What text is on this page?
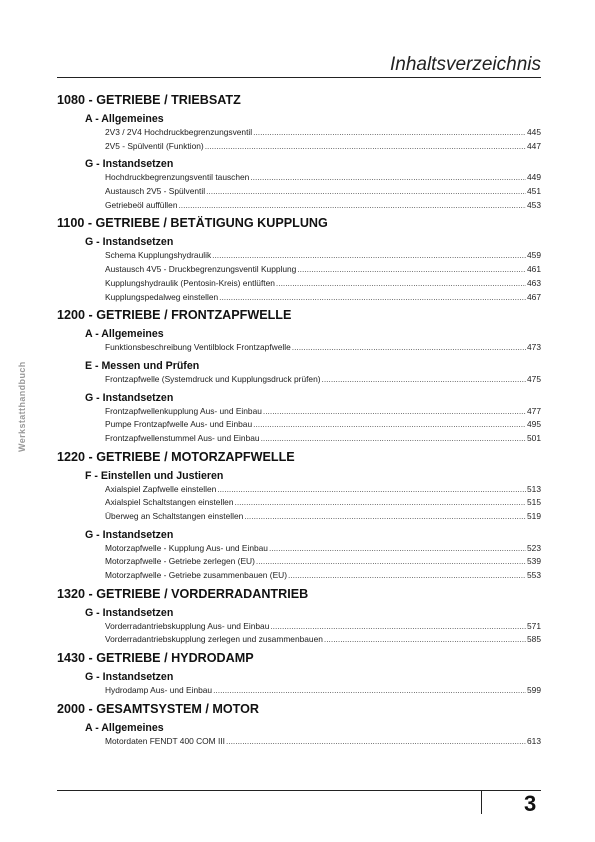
Inhaltsverzeichnis
Werkstatthandbuch
1080 - GETRIEBE / TRIEBSATZ
A - Allgemeines
2V3 / 2V4 Hochdruckbegrenzungsventil .....	445
2V5 - Spülventil (Funktion) .....	447
G - Instandsetzen
Hochdruckbegrenzungsventil tauschen .....	449
Austausch 2V5 - Spülventil .....	451
Getriebeöl auffüllen .....	453
1100 - GETRIEBE / BETÄTIGUNG KUPPLUNG
G - Instandsetzen
Schema Kupplungshydraulik .....	459
Austausch 4V5 - Druckbegrenzungsventil Kupplung .....	461
Kupplungshydraulik (Pentosin-Kreis) entlüften .....	463
Kupplungspedalweg einstellen .....	467
1200 - GETRIEBE / FRONTZAPFWELLE
A - Allgemeines
Funktionsbeschreibung Ventilblock Frontzapfwelle .....	473
E - Messen und Prüfen
Frontzapfwelle (Systemdruck und Kupplungsdruck prüfen) .....	475
G - Instandsetzen
Frontzapfwellenkupplung Aus- und Einbau .....	477
Pumpe Frontzapfwelle Aus- und Einbau .....	495
Frontzapfwellenstummel Aus- und Einbau .....	501
1220 - GETRIEBE / MOTORZAPFWELLE
F - Einstellen und Justieren
Axialspiel Zapfwelle einstellen .....	513
Axialspiel Schaltstangen einstellen .....	515
Überweg an Schaltstangen einstellen .....	519
G - Instandsetzen
Motorzapfwelle - Kupplung Aus- und Einbau .....	523
Motorzapfwelle - Getriebe zerlegen (EU) .....	539
Motorzapfwelle - Getriebe zusammenbauen (EU) .....	553
1320 - GETRIEBE / VORDERRADANTRIEB
G - Instandsetzen
Vorderradantriebskupplung Aus- und Einbau .....	571
Vorderradantriebskupplung zerlegen und zusammenbauen .....	585
1430 - GETRIEBE / HYDRODAMP
G - Instandsetzen
Hydrodamp Aus- und Einbau .....	599
2000 - GESAMTSYSTEM / MOTOR
A - Allgemeines
Motordaten FENDT 400 COM III .....	613
3
